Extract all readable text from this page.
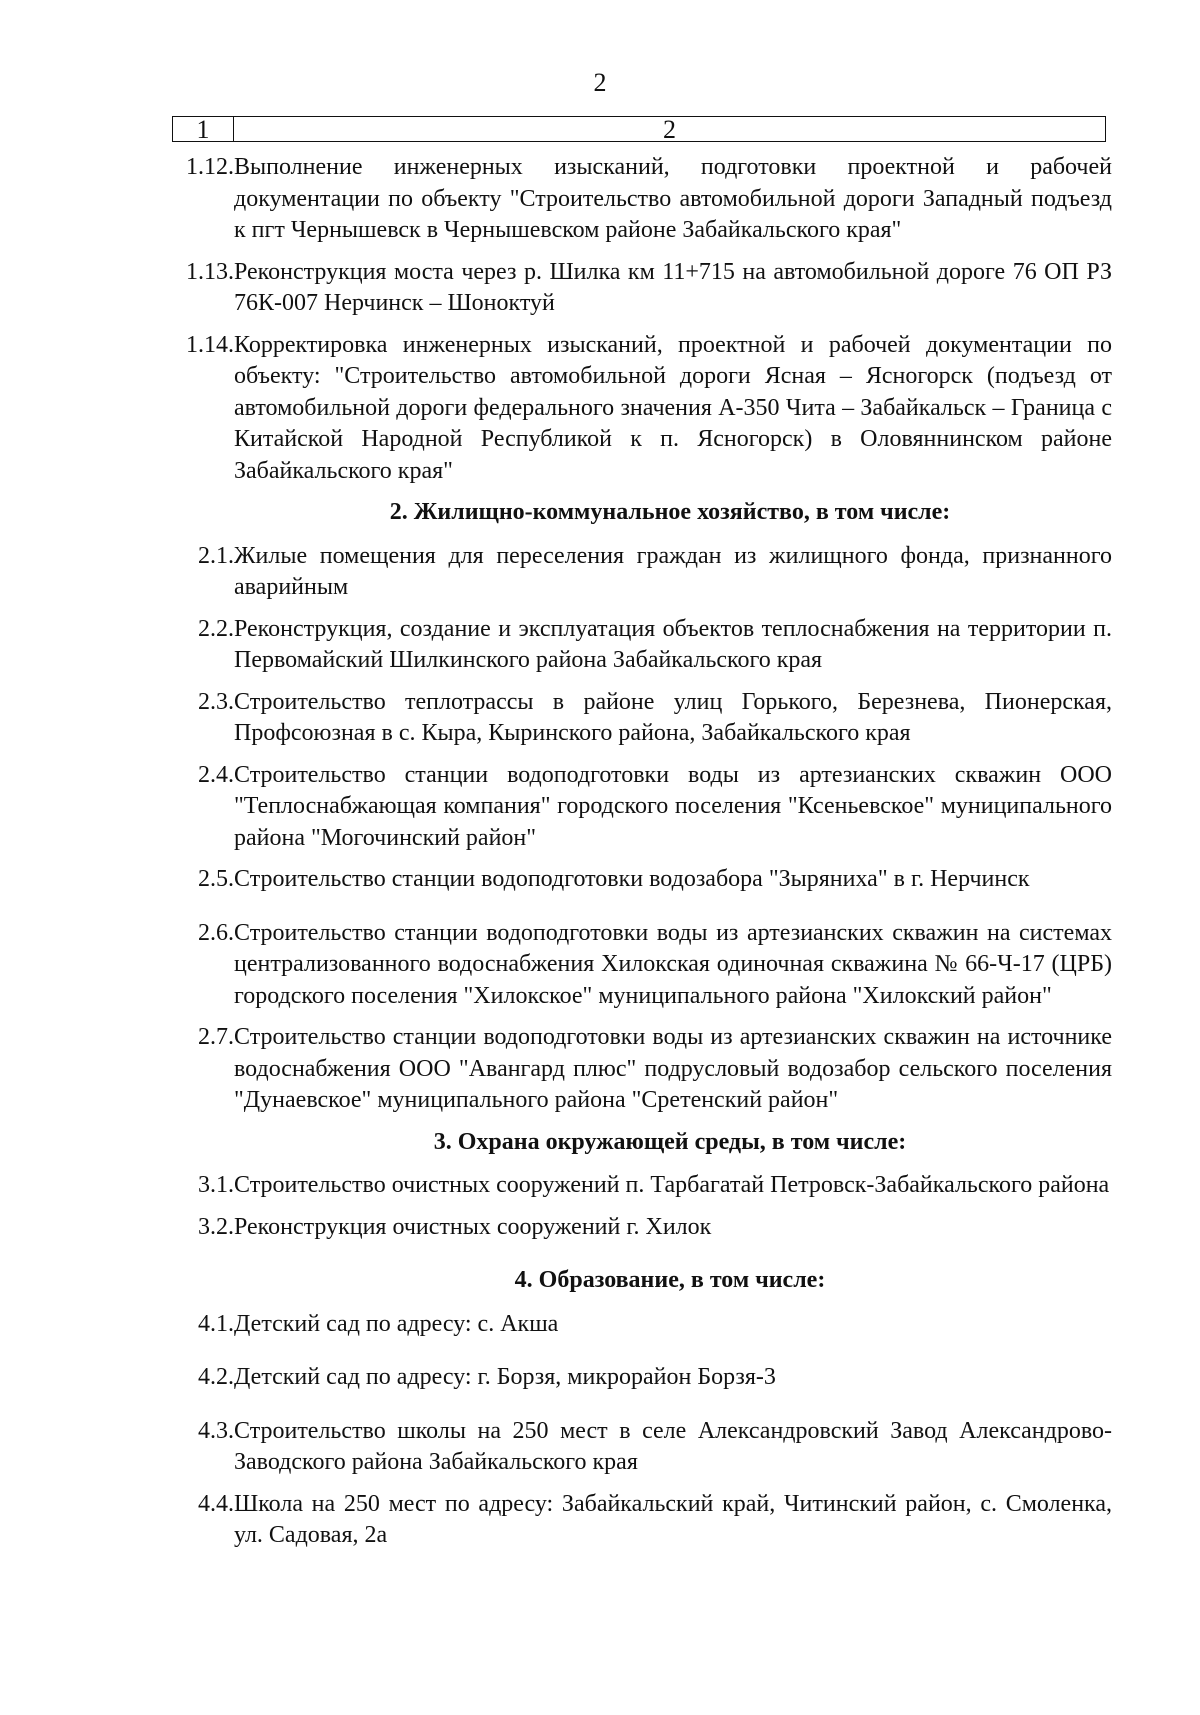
2
1	2
1.12. Выполнение инженерных изысканий, подготовки проектной и рабочей документации по объекту "Строительство автомобильной дороги Западный подъезд к пгт Чернышевск в Чернышевском районе Забайкальского края"
1.13. Реконструкция моста через р. Шилка км 11+715 на автомобильной дороге 76 ОП РЗ 76К-007 Нерчинск – Шоноктуй
1.14. Корректировка инженерных изысканий, проектной и рабочей документации по объекту: "Строительство автомобильной дороги Ясная – Ясногорск (подъезд от автомобильной дороги федерального значения А-350 Чита – Забайкальск – Граница с Китайской Народной Республикой к п. Ясногорск) в Оловяннинском районе Забайкальского края"
2. Жилищно-коммунальное хозяйство, в том числе:
2.1. Жилые помещения для переселения граждан из жилищного фонда, признанного аварийным
2.2. Реконструкция, создание и эксплуатация объектов теплоснабжения на территории п. Первомайский Шилкинского района Забайкальского края
2.3. Строительство теплотрассы в районе улиц Горького, Березнева, Пионерская, Профсоюзная в с. Кыра, Кыринского района, Забайкальского края
2.4. Строительство станции водоподготовки воды из артезианских скважин ООО "Теплоснабжающая компания" городского поселения "Ксеньевское" муниципального района "Могочинский район"
2.5. Строительство станции водоподготовки водозабора "Зыряниха" в г. Нерчинск
2.6. Строительство станции водоподготовки воды из артезианских скважин на системах централизованного водоснабжения Хилокская одиночная скважина № 66-Ч-17 (ЦРБ) городского поселения "Хилокское" муниципального района "Хилокский район"
2.7. Строительство станции водоподготовки воды из артезианских скважин на источнике водоснабжения ООО "Авангард плюс" подрусловый водозабор сельского поселения "Дунаевское" муниципального района "Сретенский район"
3. Охрана окружающей среды, в том числе:
3.1. Строительство очистных сооружений п. Тарбагатай Петровск-Забайкальского района
3.2. Реконструкция очистных сооружений г. Хилок
4. Образование, в том числе:
4.1. Детский сад по адресу: с. Акша
4.2. Детский сад по адресу: г. Борзя, микрорайон Борзя-3
4.3. Строительство школы на 250 мест в селе Александровский Завод Александрово-Заводского района Забайкальского края
4.4. Школа на 250 мест по адресу: Забайкальский край, Читинский район, с. Смоленка, ул. Садовая, 2а
